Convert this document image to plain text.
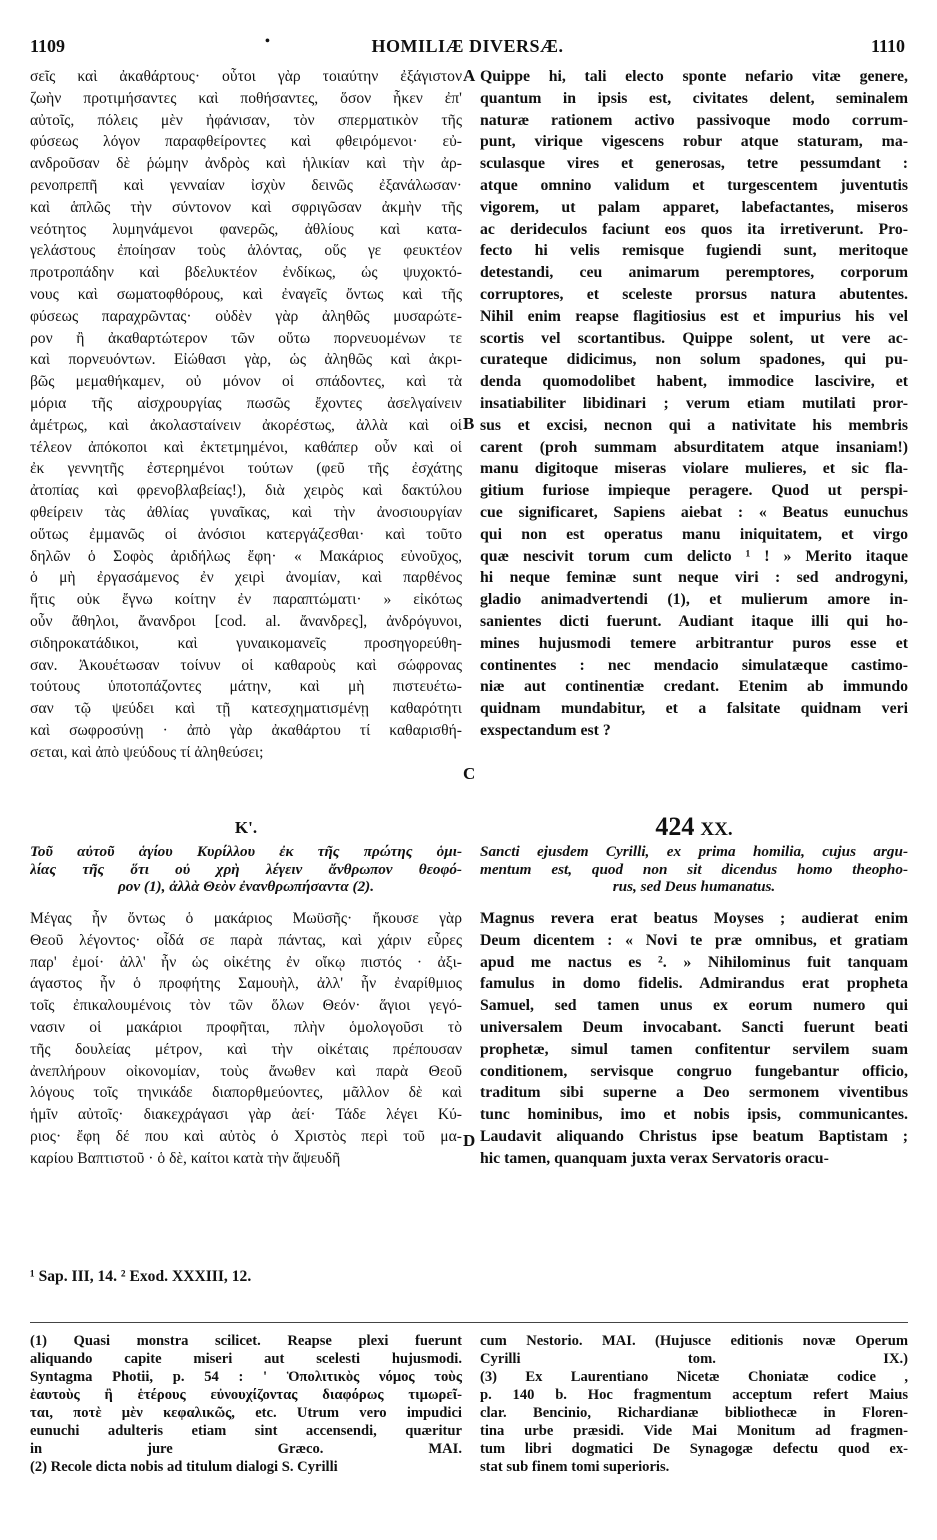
1109	•	HOMILIÆ DIVERSÆ.	1110
σεῖς καὶ ἀκαθάρτους· οὗτοι γὰρ τοιαύτην ἐξάγιστον
ζωὴν προτιμήσαντες καὶ ποθήσαντες, ὅσον ἧκεν ἐπ'
αὐτοῖς, πόλεις μὲν ἠφάνισαν, τὸν σπερματικὸν τῆς
φύσεως λόγον παραφθείροντες καὶ φθειρόμενοι· εὐ-
ανδροῦσαν δὲ ῥώμην ἀνδρὸς καὶ ἡλικίαν καὶ τὴν ἀρ-
ρενοπρεπῆ καὶ γενναίαν ἰσχὺν δεινῶς ἐξανάλωσαν·
καὶ ἁπλῶς τὴν σύντονον καὶ σφριγῶσαν ἀκμὴν τῆς
νεότητος λυμηνάμενοι φανερῶς, ἀθλίους καὶ κατα-
γελάστους ἐποίησαν τοὺς ἁλόντας, οὕς γε φευκτέον
προτροπάδην καὶ βδελυκτέον ἐνδίκως, ὡς ψυχοκτό-
νους καὶ σωματοφθόρους, καὶ ἐναγεῖς ὄντως καὶ τῆς
φύσεως παραχρῶντας· οὐδὲν γὰρ ἀληθῶς μυσαρώτε-
ρον ἢ ἀκαθαρτώτερον τῶν οὕτω πορνευομένων τε
καὶ πορνευόντων. Εἰώθασι γὰρ, ὡς ἀληθῶς καὶ ἀκρι-
βῶς μεμαθήκαμεν, οὐ μόνον οἱ σπάδοντες, καὶ τὰ
μόρια τῆς αἰσχρουργίας πωσῶς ἔχοντες ἀσελγαίνειν
ἀμέτρως, καὶ ἀκολασταίνειν ἀκορέστως, ἀλλὰ καὶ οἱ
τέλεον ἀπόκοποι καὶ ἐκτετμημένοι, καθάπερ οὖν καὶ οἱ
ἐκ γεννητῆς ἐστερημένοι τούτων (φεῦ τῆς ἐσχάτης
ἀτοπίας καὶ φρενοβλαβείας!), διὰ χειρὸς καὶ δακτύλου
φθείρειν τὰς ἀθλίας γυναῖκας, καὶ τὴν ἀνοσιουργίαν
οὕτως ἐμμανῶς οἱ ἀνόσιοι κατεργάζεσθαι· καὶ τοῦτο
δηλῶν ὁ Σοφὸς ἀριδήλως ἔφη· « Μακάριος εὐνοῦχος,
ὁ μὴ ἐργασάμενος ἐν χειρὶ ἀνομίαν, καὶ παρθένος
ἥτις οὐκ ἔγνω κοίτην ἐν παραπτώματι· » εἰκότως
οὖν ἄθηλοι, ἄνανδροι [cod. al. ἄνανδρες], ἀνδρόγυνοι,
σιδηροκατάδικοι, καὶ γυναικομανεῖς προσηγορεύθη-
σαν. Ἀκουέτωσαν τοίνυν οἱ καθαροὺς καὶ σώφρονας
τούτους ὑποτοπάζοντες μάτην, καὶ μὴ πιστευέτω-
σαν τῷ ψεύδει καὶ τῇ κατεσχηματισμένῃ καθαρότητι
καὶ σωφροσύνῃ · ἀπὸ γὰρ ἀκαθάρτου τί καθαρισθή-
σεται, καὶ ἀπὸ ψεύδους τί ἀληθεύσει;
Quippe hi, tali electo sponte nefario vitæ genere,
quantum in ipsis est, civitates delent, seminalem
naturæ rationem activo passivoque modo corrum-
punt, virique vigescens robur atque staturam, ma-
sculasque vires et generosas, tetre pessumdant :
atque omnino validum et turgescentem juventutis
vigorem, ut palam apparet, labefactantes, miseros
ac derideculos faciunt eos quos ita irretiverunt. Pro-
fecto hi velis remisque fugiendi sunt, meritoque
detestandi, ceu animarum peremptores, corporum
corruptores, et sceleste prorsus natura abutentes.
Nihil enim reapse flagitiosius est et impurius his vel
scortis vel scortantibus. Quippe solent, ut vere ac-
curateque didicimus, non solum spadones, qui pu-
denda quomodolibet habent, immodice lascivire, et
insatiabiliter libidinari ; verum etiam mutilati pror-
sus et excisi, necnon qui a nativitate his membris
carent (proh summam absurditatem atque insaniam!)
manu digitoque miseras violare mulieres, et sic fla-
gitium furiose impieque peragere. Quod ut perspi-
cue significaret, Sapiens aiebat : « Beatus eunuchus
qui non est operatus manu iniquitatem, et virgo
quæ nescivit torum cum delicto ¹ ! » Merito itaque
hi neque feminæ sunt neque viri : sed androgyni,
gladio animadvertendi (1), et mulierum amore in-
sanientes dicti fuerunt. Audiant itaque illi qui ho-
mines hujusmodi temere arbitrantur puros esse et
continentes : nec mendacio simulatæque castimo-
niæ aut continentiæ credant. Etenim ab immundo
quidnam mundabitur, et a falsitate quidnam veri
exspectandum est ?
A
B
C
D
Κ'.	424 XX.
Τοῦ αὐτοῦ ἁγίου Κυρίλλου ἐκ τῆς πρώτης ὁμι-
λίας τῆς ὅτι οὐ χρὴ λέγειν ἄνθρωπον θεοφό-
ρον (1), ἀλλὰ Θεὸν ἐνανθρωπήσαντα (2).
Sancti ejusdem Cyrilli, ex prima homilia, cujus argu-
mentum est, quod non sit dicendus homo theopho-
rus, sed Deus humanatus.
Μέγας ἦν ὄντως ὁ μακάριος Μωϋσῆς· ἤκουσε γὰρ
Θεοῦ λέγοντος· οἶδά σε παρὰ πάντας, καὶ χάριν εὗρες
παρ' ἐμοί· ἀλλ' ἦν ὡς οἰκέτης ἐν οἴκῳ πιστός · ἀξι-
άγαστος ἦν ὁ προφήτης Σαμουὴλ, ἀλλ' ἦν ἐναρίθμιος
τοῖς ἐπικαλουμένοις τὸν τῶν ὅλων Θεόν· ἅγιοι γεγό-
νασιν οἱ μακάριοι προφῆται, πλὴν ὁμολογοῦσι τὸ
τῆς δουλείας μέτρον, καὶ τὴν οἰκέταις πρέπουσαν
ἀνεπλήρουν οἰκονομίαν, τοὺς ἄνωθεν καὶ παρὰ Θεοῦ
λόγους τοῖς τηνικάδε διαπορθμεύοντες, μᾶλλον δὲ καὶ
ἡμῖν αὐτοῖς· διακεχράγασι γὰρ ἀεί· Τάδε λέγει Κύ-
ριος· ἔφη δέ που καὶ αὐτὸς ὁ Χριστὸς περὶ τοῦ μα-
καρίου Βαπτιστοῦ · ὁ δὲ, καίτοι κατὰ τὴν ἄψευδῆ
Magnus revera erat beatus Moyses ; audierat enim
Deum dicentem : « Novi te præ omnibus, et gratiam
apud me nactus es ². » Nihilominus fuit tanquam
famulus in domo fidelis. Admirandus erat propheta
Samuel, sed tamen unus ex eorum numero qui
universalem Deum invocabant. Sancti fuerunt beati
prophetæ, simul tamen confitentur servilem suam
conditionem, servisque congruo fungebantur officio,
traditum sibi superne a Deo sermonem viventibus
tunc hominibus, imo et nobis ipsis, communicantes.
Laudavit aliquando Christus ipse beatum Baptistam ;
hic tamen, quanquam juxta verax Servatoris oracu-
¹ Sap. III, 14. ² Exod. XXXIII, 12.
(1) Quasi monstra scilicet. Reapse plexi fuerunt
aliquando capite miseri aut scelesti hujusmodi.
Syntagma Photii, p. 54 : ' Ὁπολιτικὸς νόμος τοὺς
ἑαυτοὺς ἢ ἑτέρους εὐνουχίζοντας διαφόρως τιμωρεῖ-
ται, ποτὲ μὲν κεφαλικῶς, etc. Utrum vero impudici
eunuchi adulteris etiam sint accensendi, quæritur
in jure Græco. MAI.
(2) Recole dicta nobis ad titulum dialogi S. Cyrilli
cum Nestorio. MAI. (Hujusce editionis novæ Operum
Cyrilli tom. IX.)
(3) Ex Laurentiano Nicetæ Choniatæ codice ,
p. 140 b. Hoc fragmentum acceptum refert Maius
clar. Bencinio, Richardianæ bibliothecæ in Floren-
tina urbe præsidi. Vide Mai Monitum ad fragmen-
tum libri dogmatici De Synagogæ defectu quod ex-
stat sub finem tomi superioris.
